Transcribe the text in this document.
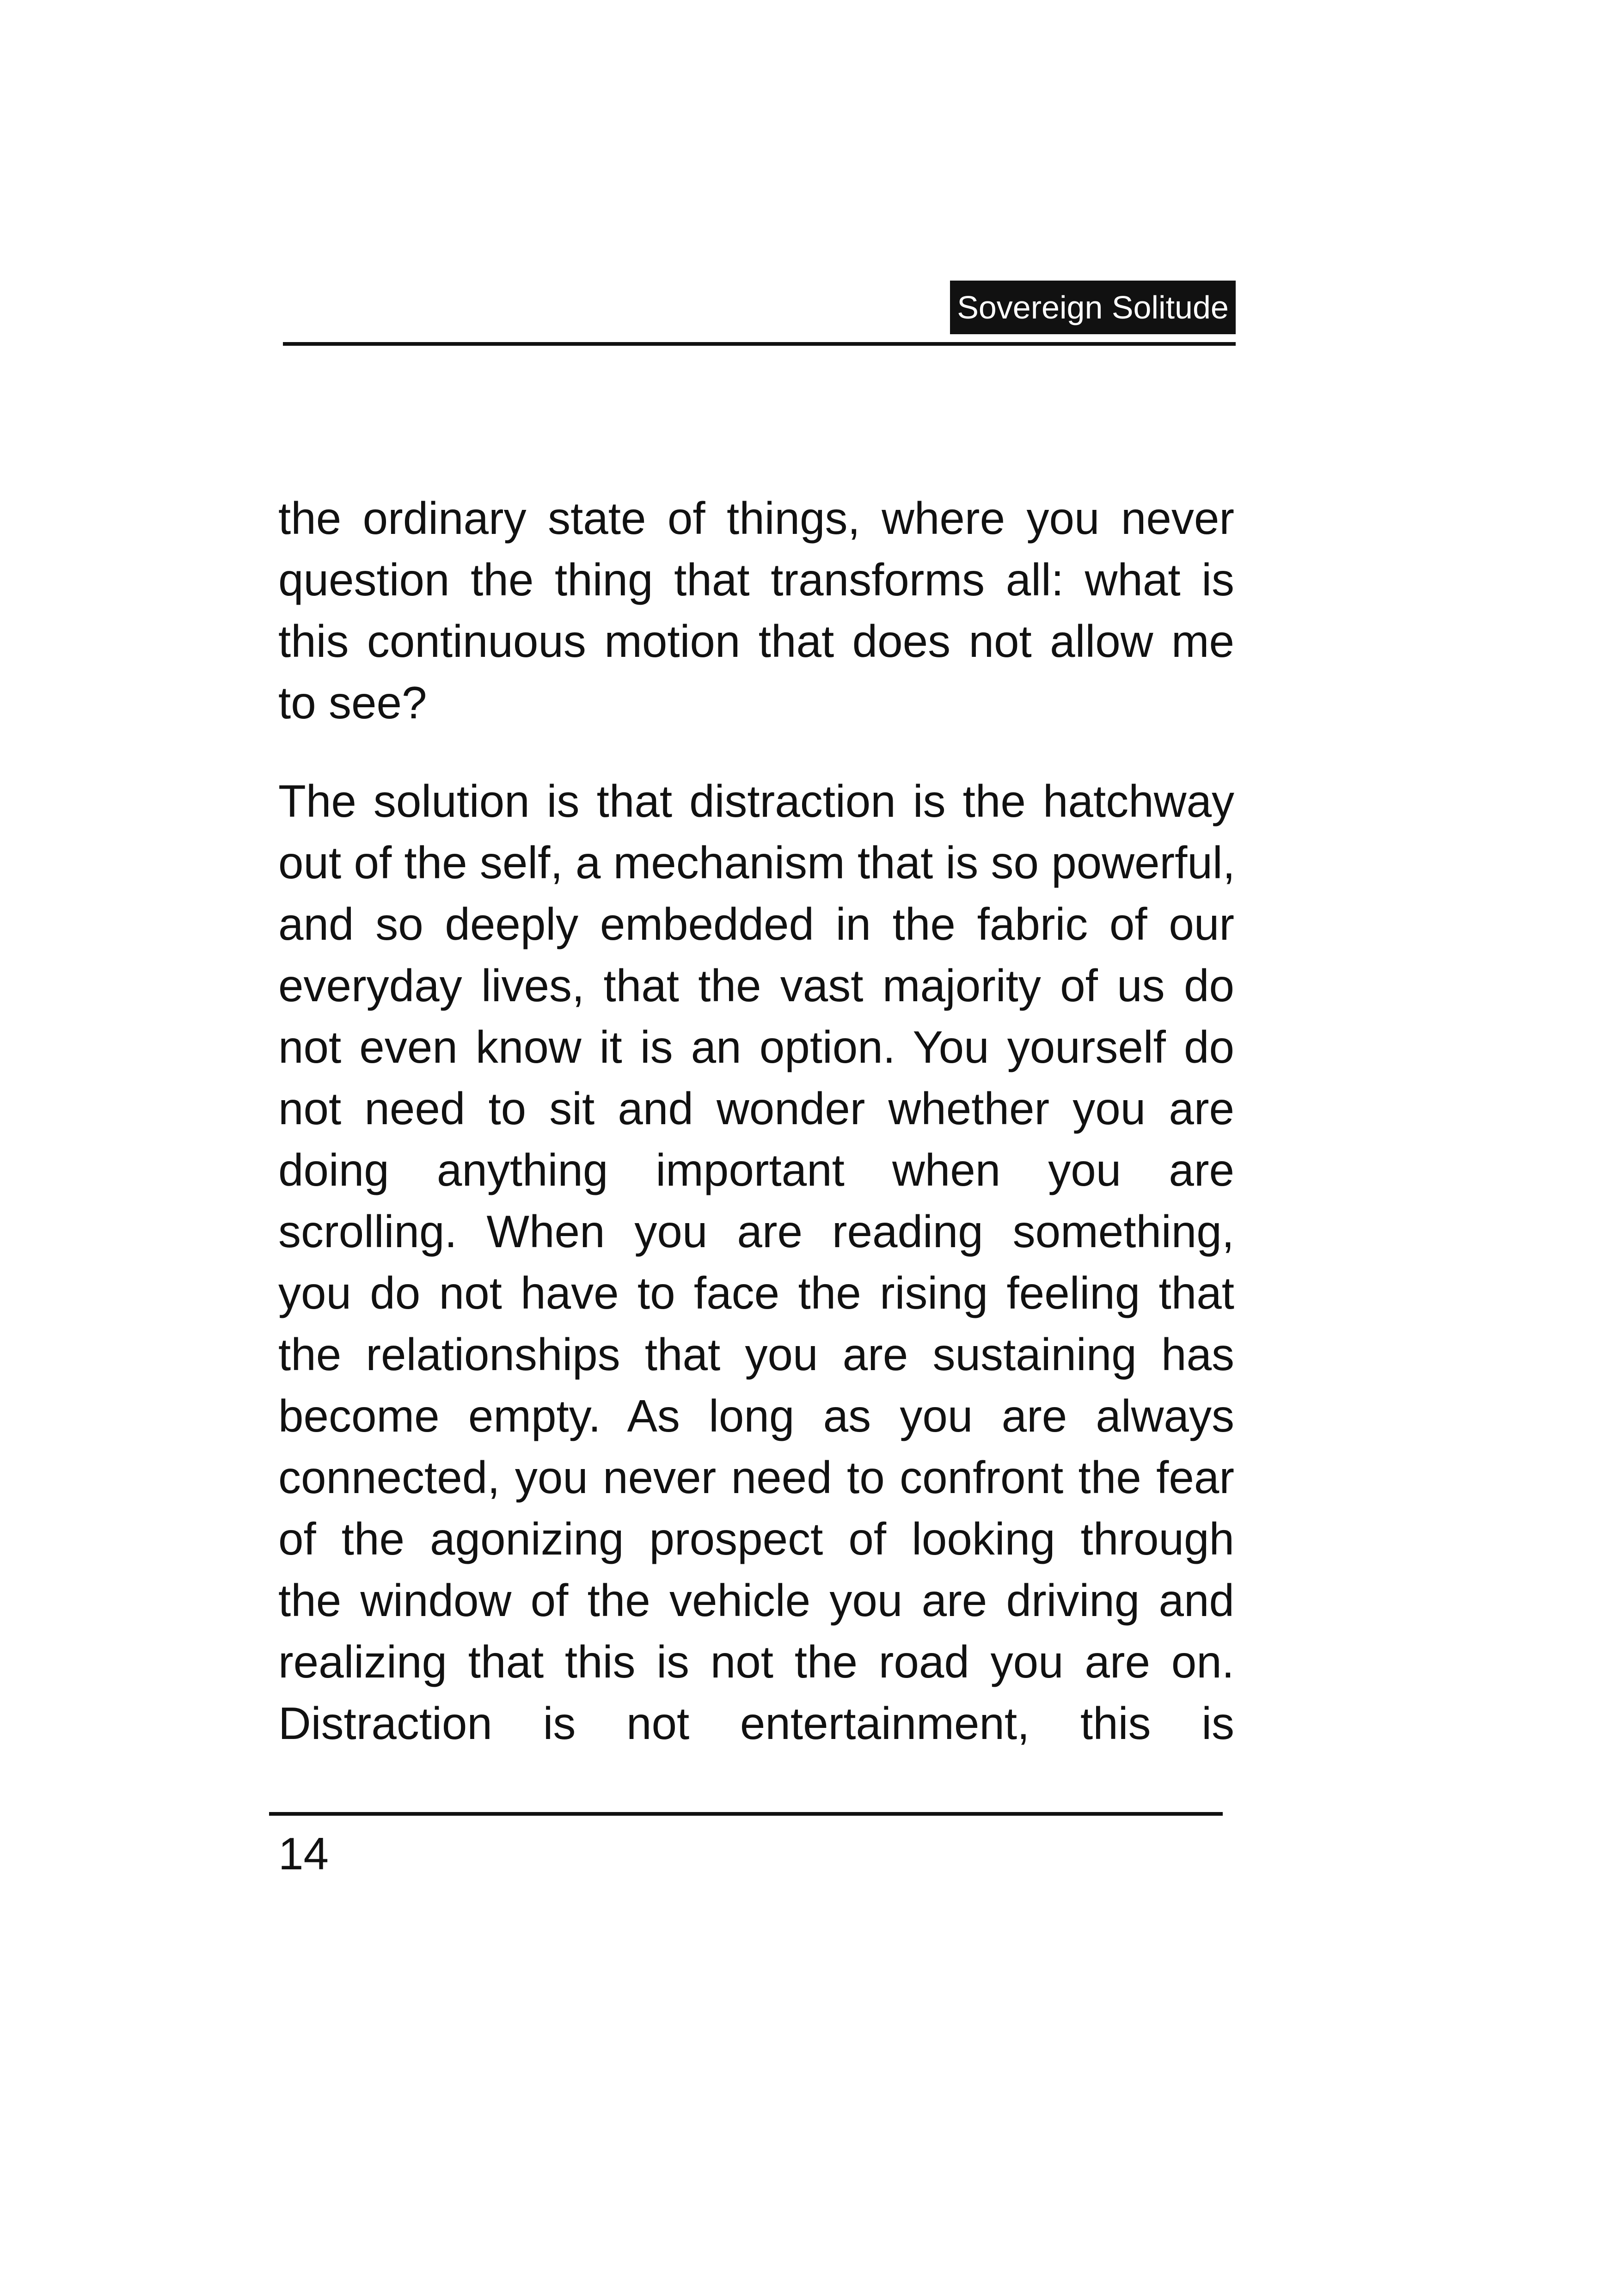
Sovereign Solitude
the ordinary state of things, where you never
question the thing that transforms all: what is
this continuous motion that does not allow me
to see?
The solution is that distraction is the hatchway
out of the self, a mechanism that is so powerful,
and so deeply embedded in the fabric of our
everyday lives, that the vast majority of us do
not even know it is an option. You yourself do
not need to sit and wonder whether you are
doing anything important when you are
scrolling. When you are reading something,
you do not have to face the rising feeling that
the relationships that you are sustaining has
become empty. As long as you are always
connected, you never need to confront the fear
of the agonizing prospect of looking through
the window of the vehicle you are driving and
realizing that this is not the road you are on.
Distraction is not entertainment, this is
14
